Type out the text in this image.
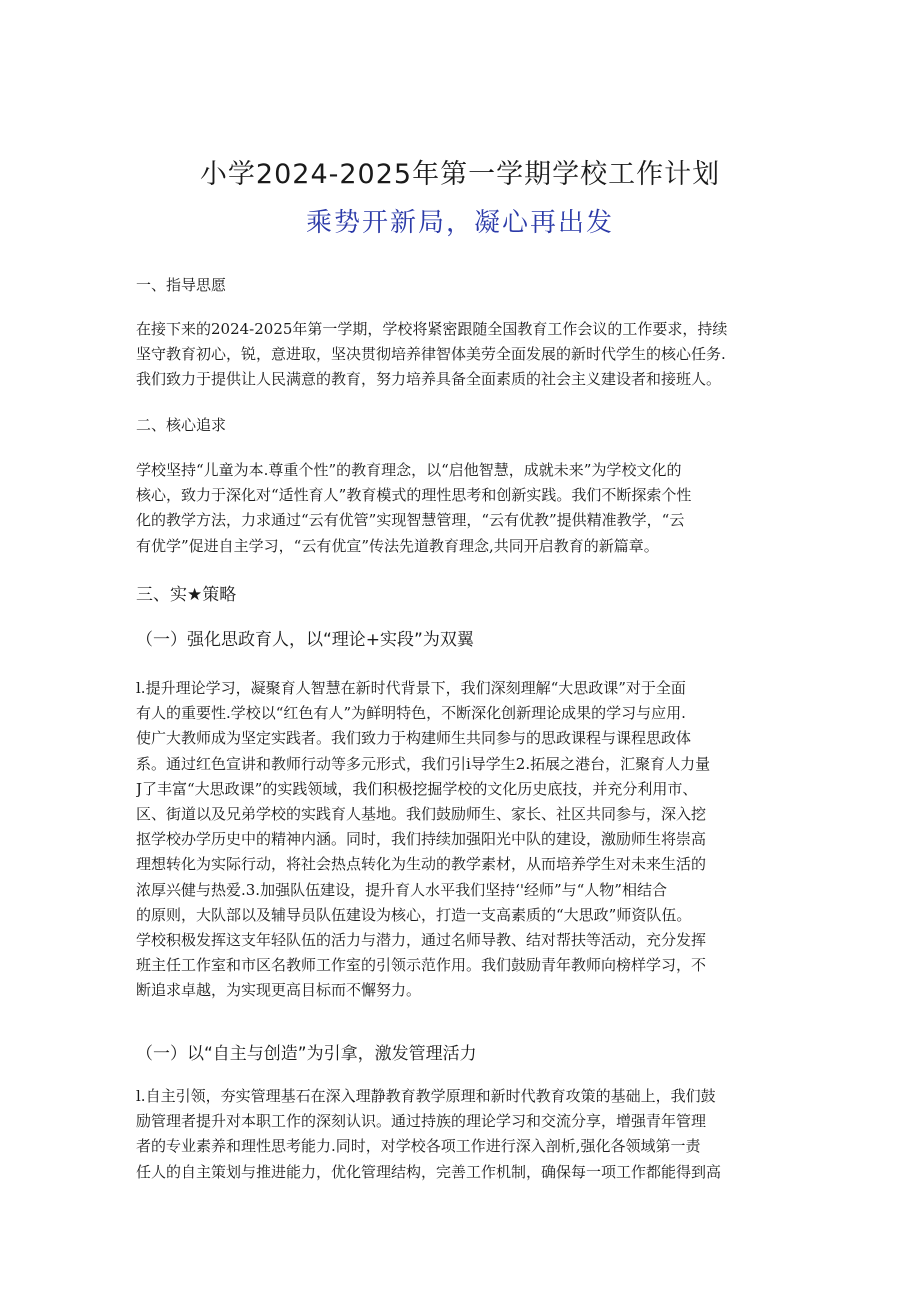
小学2024-2025年第一学期学校工作计划
乘势开新局，凝心再出发
一、指导思愿
在接下来的2024-2025年第一学期，学校将紧密跟随全国教育工作会议的工作要求，持续
坚守教育初心，锐，意进取，坚决贯彻培养律智体美劳全面发展的新时代学生的核心任务.
我们致力于提供让人民满意的教育，努力培养具备全面素质的社会主义建设者和接班人。
二、核心追求
学校坚持“儿童为本.尊重个性”的教育理念，以“启他智慧，成就未来”为学校文化的
核心，致力于深化对“适性育人”教育模式的理性思考和创新实践。我们不断探索个性
化的教学方法，力求通过“云有优管”实现智慧管理，“云有优教”提供精准教学，“云
有优学”促进自主学习，“云有优宣”传法先道教育理念,共同开启教育的新篇章。
三、实★策略
（一）强化思政育人，以“理论+实段”为双翼
l.提升理论学习，凝聚育人智慧在新时代背景下，我们深刻理解“大思政课”对于全面
有人的重要性.学校以“红色有人”为鲜明特色，不断深化创新理论成果的学习与应用.
使广大教师成为坚定实践者。我们致力于构建师生共同参与的思政课程与课程思政体
系。通过红色宣讲和教师行动等多元形式，我们引i导学生2.拓展之港台，汇聚育人力量
J了丰富“大思政课”的实践领域，我们积极挖掘学校的文化历史底技，并充分利用市、
区、街道以及兄弟学校的实践育人基地。我们鼓励师生、家长、社区共同参与，深入挖
抠学校办学历史中的精神内涵。同时，我们持续加强阳光中队的建设，激励师生将崇高
理想转化为实际行动，将社会热点转化为生动的教学素材，从而培养学生对未来生活的
浓厚兴健与热爱.3.加强队伍建设，提升育人水平我们坚持‘'经师”与“人物”相结合
的原则，大队部以及辅导员队伍建设为核心，打造一支高素质的“大思政”师资队伍。
学校积极发挥这支年轻队伍的活力与潜力，通过名师导教、结对帮扶等活动，充分发挥
班主任工作室和市区名教师工作室的引领示范作用。我们鼓励青年教师向榜样学习，不
断追求卓越，为实现更高目标而不懈努力。
（一）以“自主与创造”为引拿，激发管理活力
l.自主引领，夯实管理基石在深入理静教育教学原理和新时代教育攻策的基础上，我们鼓
励管理者提升对本职工作的深刻认识。通过持族的理论学习和交流分享，增强青年管理
者的专业素养和理性思考能力.同时，对学校各项工作进行深入剖析,强化各领域第一责
任人的自主策划与推进能力，优化管理结构，完善工作机制，确保每一项工作都能得到高
